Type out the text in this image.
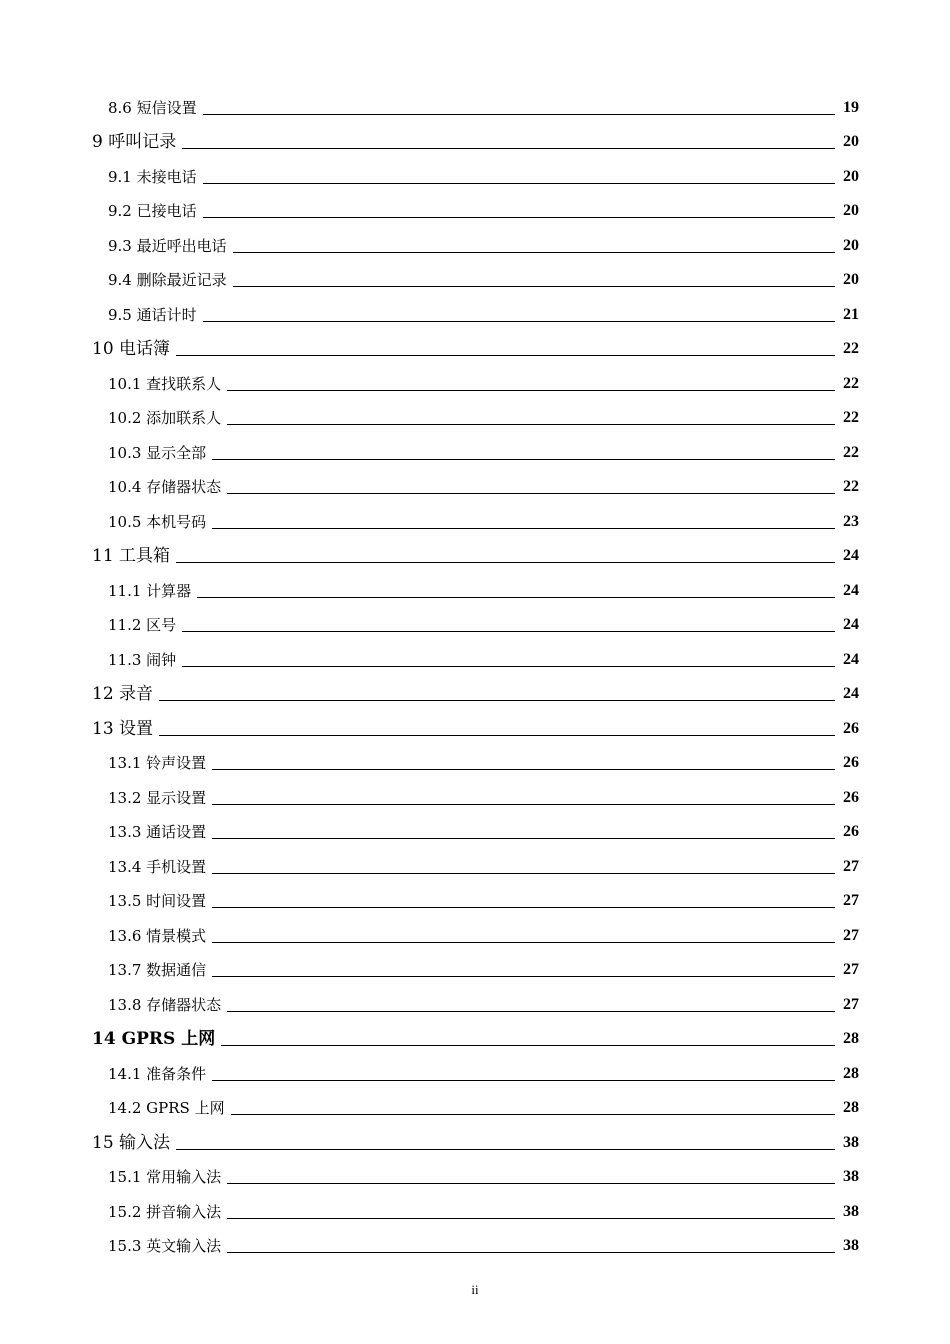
8.6 短信设置	19
9 呼叫记录	20
9.1 未接电话	20
9.2 已接电话	20
9.3 最近呼出电话	20
9.4 删除最近记录	20
9.5 通话计时	21
10 电话簿	22
10.1 查找联系人	22
10.2 添加联系人	22
10.3 显示全部	22
10.4 存储器状态	22
10.5 本机号码	23
11 工具箱	24
11.1 计算器	24
11.2 区号	24
11.3 闹钟	24
12 录音	24
13 设置	26
13.1 铃声设置	26
13.2 显示设置	26
13.3 通话设置	26
13.4 手机设置	27
13.5 时间设置	27
13.6 情景模式	27
13.7 数据通信	27
13.8 存储器状态	27
14 GPRS 上网	28
14.1 准备条件	28
14.2 GPRS 上网	28
15 输入法	38
15.1 常用输入法	38
15.2 拼音输入法	38
15.3 英文输入法	38
ii
